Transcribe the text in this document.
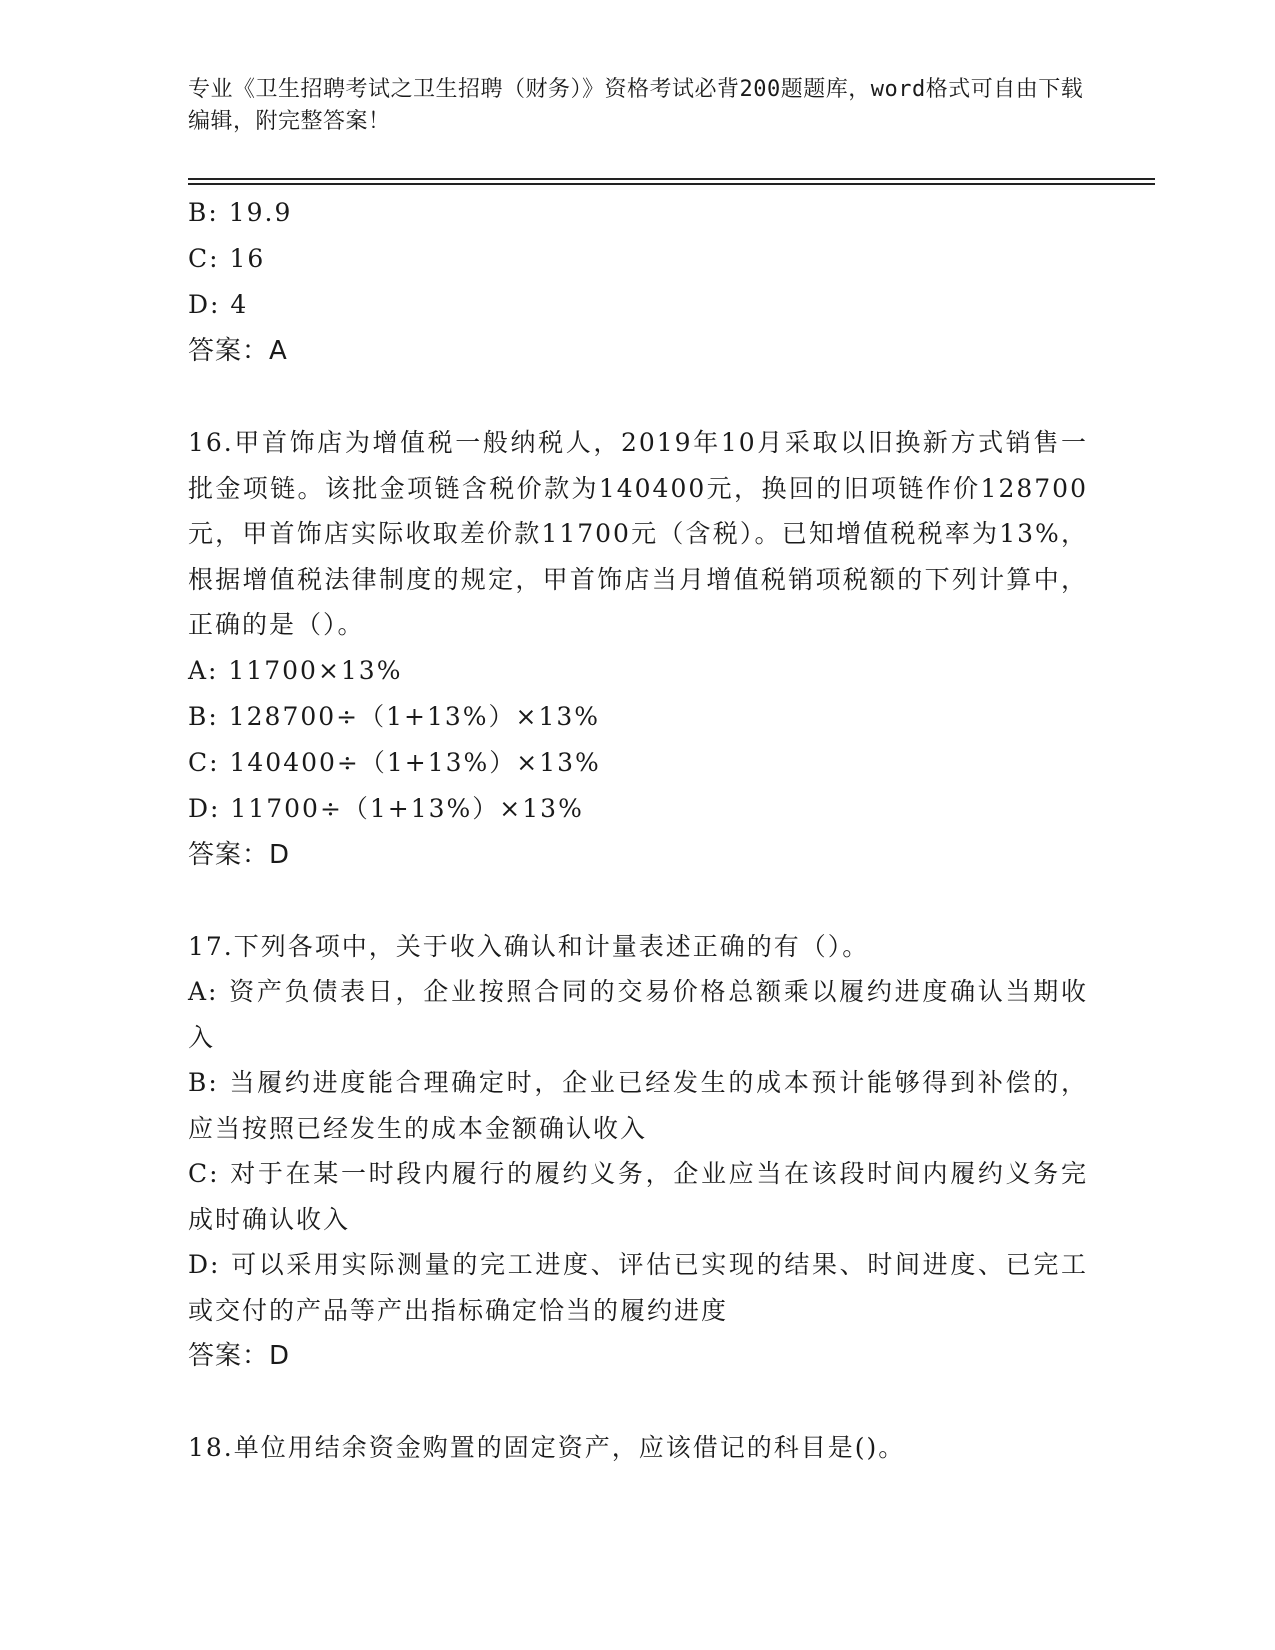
专业《卫生招聘考试之卫生招聘（财务）》资格考试必背200题题库，word格式可自由下载编辑，附完整答案！
B: 19.9
C: 16
D: 4
答案：A
16.甲首饰店为增值税一般纳税人，2019年10月采取以旧换新方式销售一批金项链。该批金项链含税价款为140400元，换回的旧项链作价128700元，甲首饰店实际收取差价款11700元（含税）。已知增值税税率为13%，根据增值税法律制度的规定，甲首饰店当月增值税销项税额的下列计算中，正确的是（）。
A: 11700×13%
B: 128700÷（1+13%）×13%
C: 140400÷（1+13%）×13%
D: 11700÷（1+13%）×13%
答案：D
17.下列各项中，关于收入确认和计量表述正确的有（）。
A: 资产负债表日，企业按照合同的交易价格总额乘以履约进度确认当期收入
B: 当履约进度能合理确定时，企业已经发生的成本预计能够得到补偿的，应当按照已经发生的成本金额确认收入
C: 对于在某一时段内履行的履约义务，企业应当在该段时间内履约义务完成时确认收入
D: 可以采用实际测量的完工进度、评估已实现的结果、时间进度、已完工或交付的产品等产出指标确定恰当的履约进度
答案：D
18.单位用结余资金购置的固定资产，应该借记的科目是()。
